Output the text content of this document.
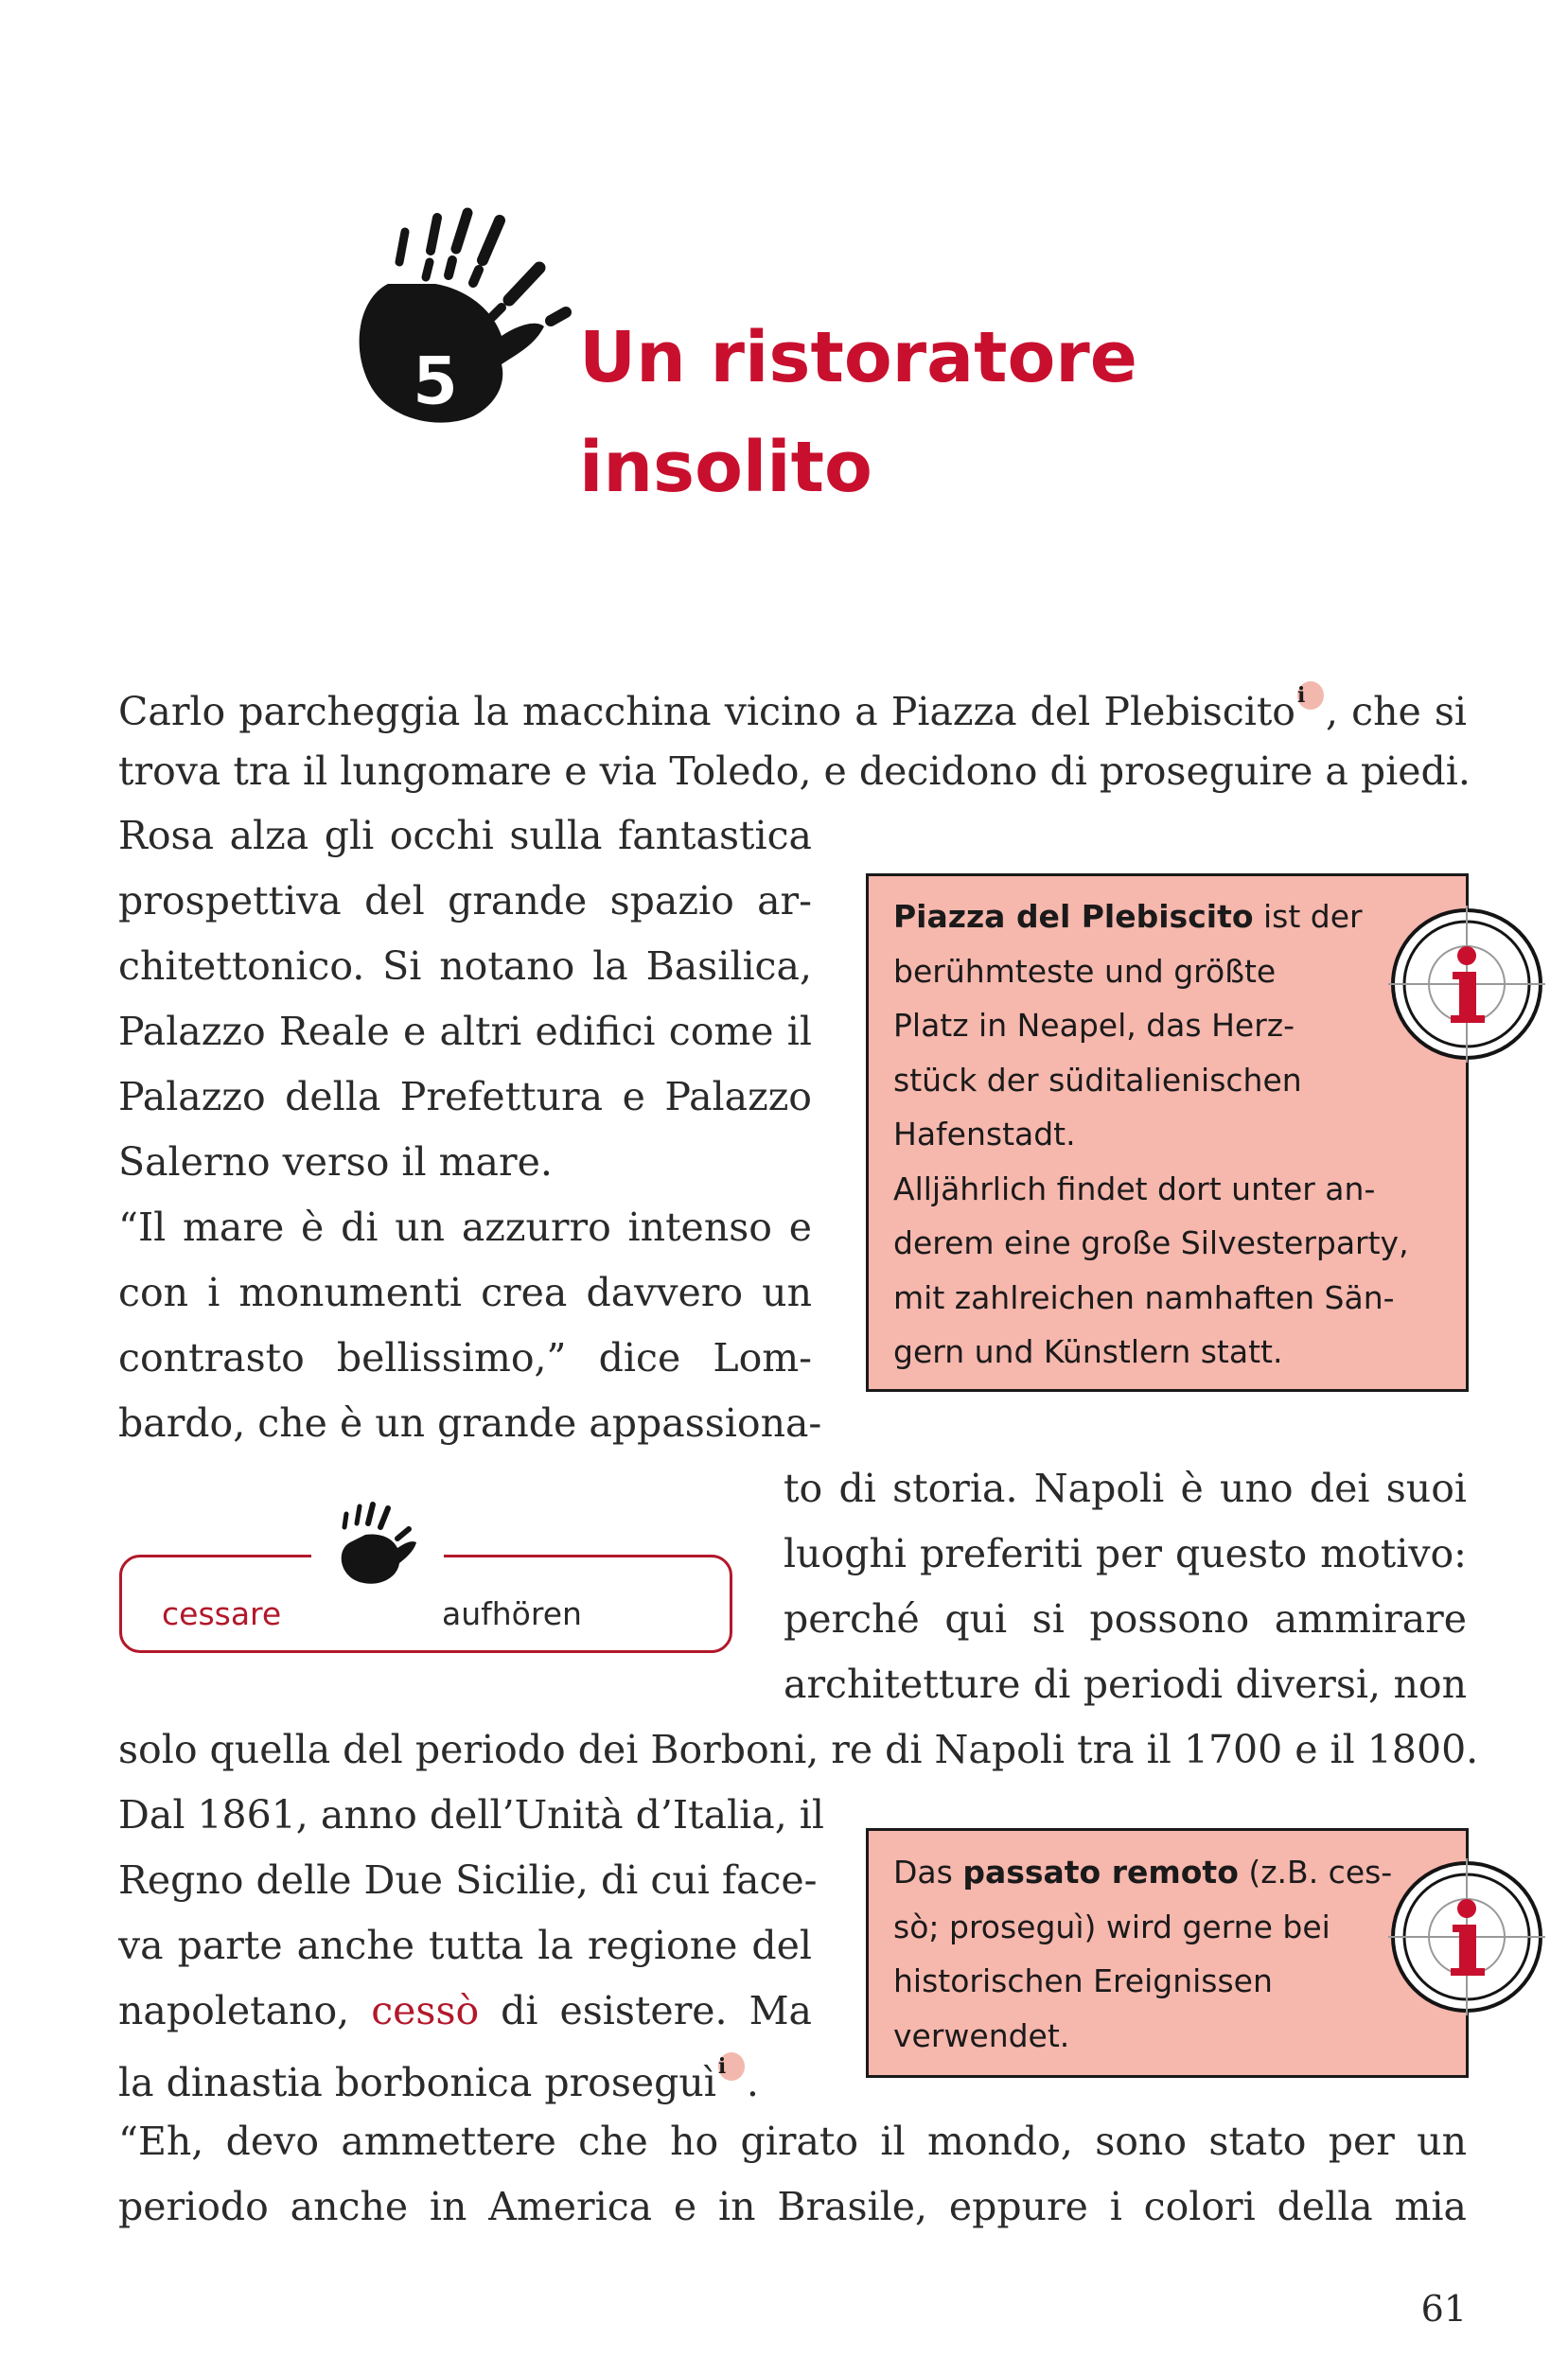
5 Un ristoratore
insolito
Carlo parcheggia la macchina vicino a Piazza del Plebiscitoi , che si
trova tra il lungomare e via Toledo, e decidono di proseguire a piedi.
Rosa alza gli occhi sulla fantastica
prospettiva del grande spazio ar-
chitettonico. Si notano la Basilica,
Palazzo Reale e altri edifici come il
Palazzo della Prefettura e Palazzo
Salerno verso il mare.
“Il mare è di un azzurro intenso e
con i monumenti crea davvero un
contrasto bellissimo,” dice Lom-
bardo, che è un grande appassiona-
to di storia. Napoli è uno dei suoi
luoghi preferiti per questo motivo:
perché qui si possono ammirare
architetture di periodi diversi, non
solo quella del periodo dei Borboni, re di Napoli tra il 1700 e il 1800.
Dal 1861, anno dell’Unità d’Italia, il
Regno delle Due Sicilie, di cui face-
va parte anche tutta la regione del
napoletano, cessò di esistere. Ma
la dinastia borbonica proseguìi .
“Eh, devo ammettere che ho girato il mondo, sono stato per un
periodo anche in America e in Brasile, eppure i colori della mia
Piazza del Plebiscito ist der
berühmteste und größte
Platz in Neapel, das Herz-
stück der süditalienischen
Hafenstadt.
Alljährlich findet dort unter an-
derem eine große Silvesterparty,
mit zahlreichen namhaften Sän-
gern und Künstlern statt.
Das passato remoto (z.B. ces-
sò; proseguì) wird gerne bei
historischen Ereignissen
verwendet.
cessare	aufhören
61
